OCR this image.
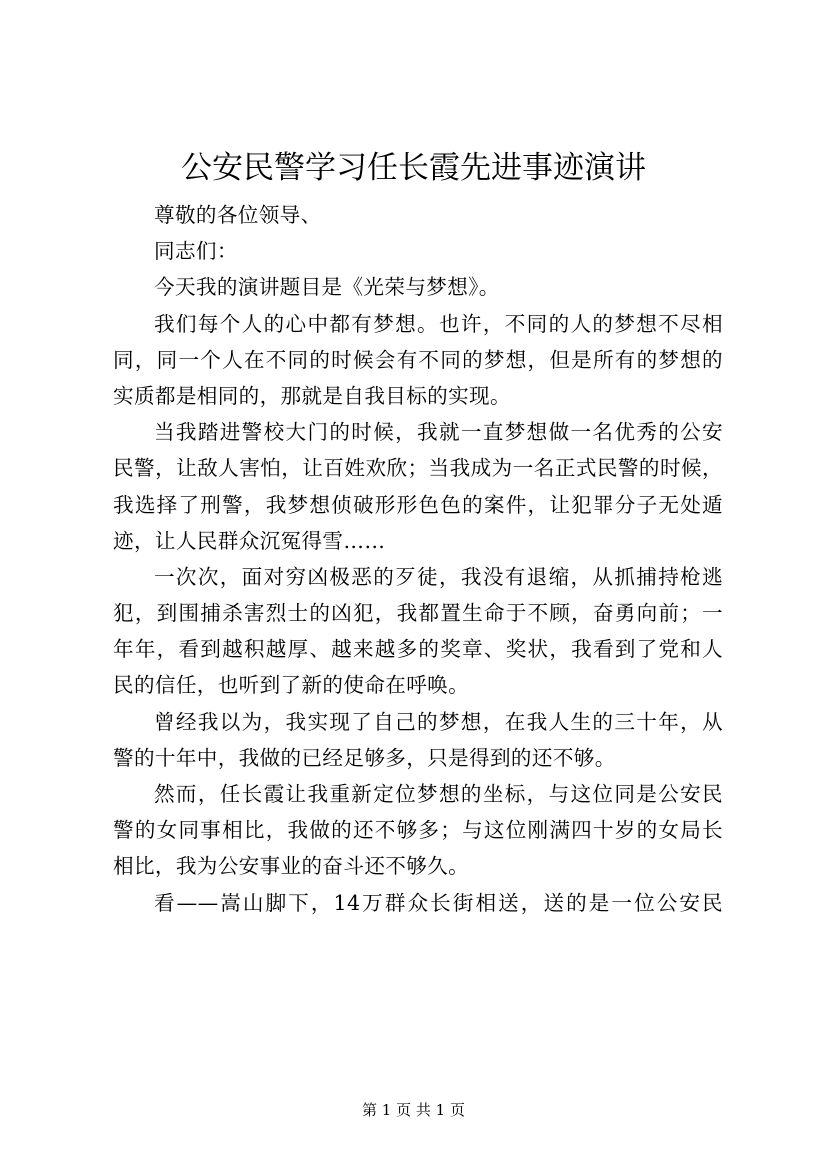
公安民警学习任长霞先进事迹演讲
尊敬的各位领导、
同志们：
今天我的演讲题目是《光荣与梦想》。
我们每个人的心中都有梦想。也许，不同的人的梦想不尽相
同，同一个人在不同的时候会有不同的梦想，但是所有的梦想的
实质都是相同的，那就是自我目标的实现。
当我踏进警校大门的时候，我就一直梦想做一名优秀的公安
民警，让敌人害怕，让百姓欢欣；当我成为一名正式民警的时候，
我选择了刑警，我梦想侦破形形色色的案件，让犯罪分子无处遁
迹，让人民群众沉冤得雪……
一次次，面对穷凶极恶的歹徒，我没有退缩，从抓捕持枪逃
犯，到围捕杀害烈士的凶犯，我都置生命于不顾，奋勇向前；一
年年，看到越积越厚、越来越多的奖章、奖状，我看到了党和人
民的信任，也听到了新的使命在呼唤。
曾经我以为，我实现了自己的梦想，在我人生的三十年，从
警的十年中，我做的已经足够多，只是得到的还不够。
然而，任长霞让我重新定位梦想的坐标，与这位同是公安民
警的女同事相比，我做的还不够多；与这位刚满四十岁的女局长
相比，我为公安事业的奋斗还不够久。
看——嵩山脚下，14万群众长街相送，送的是一位公安民
第 1 页 共 1 页
